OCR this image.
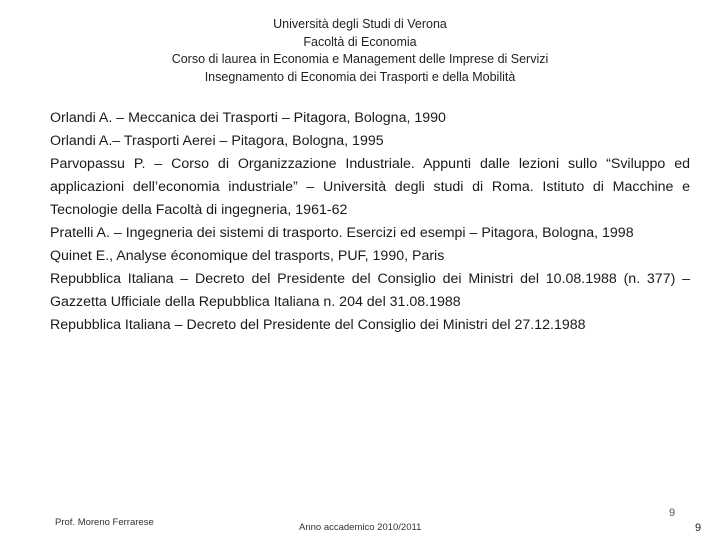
Università degli Studi di Verona
Facoltà di Economia
Corso di laurea in Economia e Management delle Imprese di Servizi
Insegnamento di Economia dei Trasporti e della Mobilità
Orlandi A. – Meccanica dei Trasporti – Pitagora, Bologna, 1990
Orlandi A.– Trasporti Aerei – Pitagora, Bologna, 1995
Parvopassu P. – Corso di Organizzazione Industriale. Appunti dalle lezioni sullo “Sviluppo ed applicazioni dell’economia industriale” – Università degli studi di Roma. Istituto di Macchine e Tecnologie della Facoltà di ingegneria, 1961-62
Pratelli A. – Ingegneria dei sistemi di trasporto. Esercizi ed esempi – Pitagora, Bologna, 1998
Quinet E., Analyse économique del trasports, PUF, 1990, Paris
Repubblica Italiana – Decreto del Presidente del Consiglio dei Ministri del 10.08.1988 (n. 377) – Gazzetta Ufficiale della Repubblica Italiana n. 204 del 31.08.1988
Repubblica Italiana – Decreto del Presidente del Consiglio dei Ministri del 27.12.1988
Prof. Moreno Ferrarese	Anno accademico 2010/2011
9
9
